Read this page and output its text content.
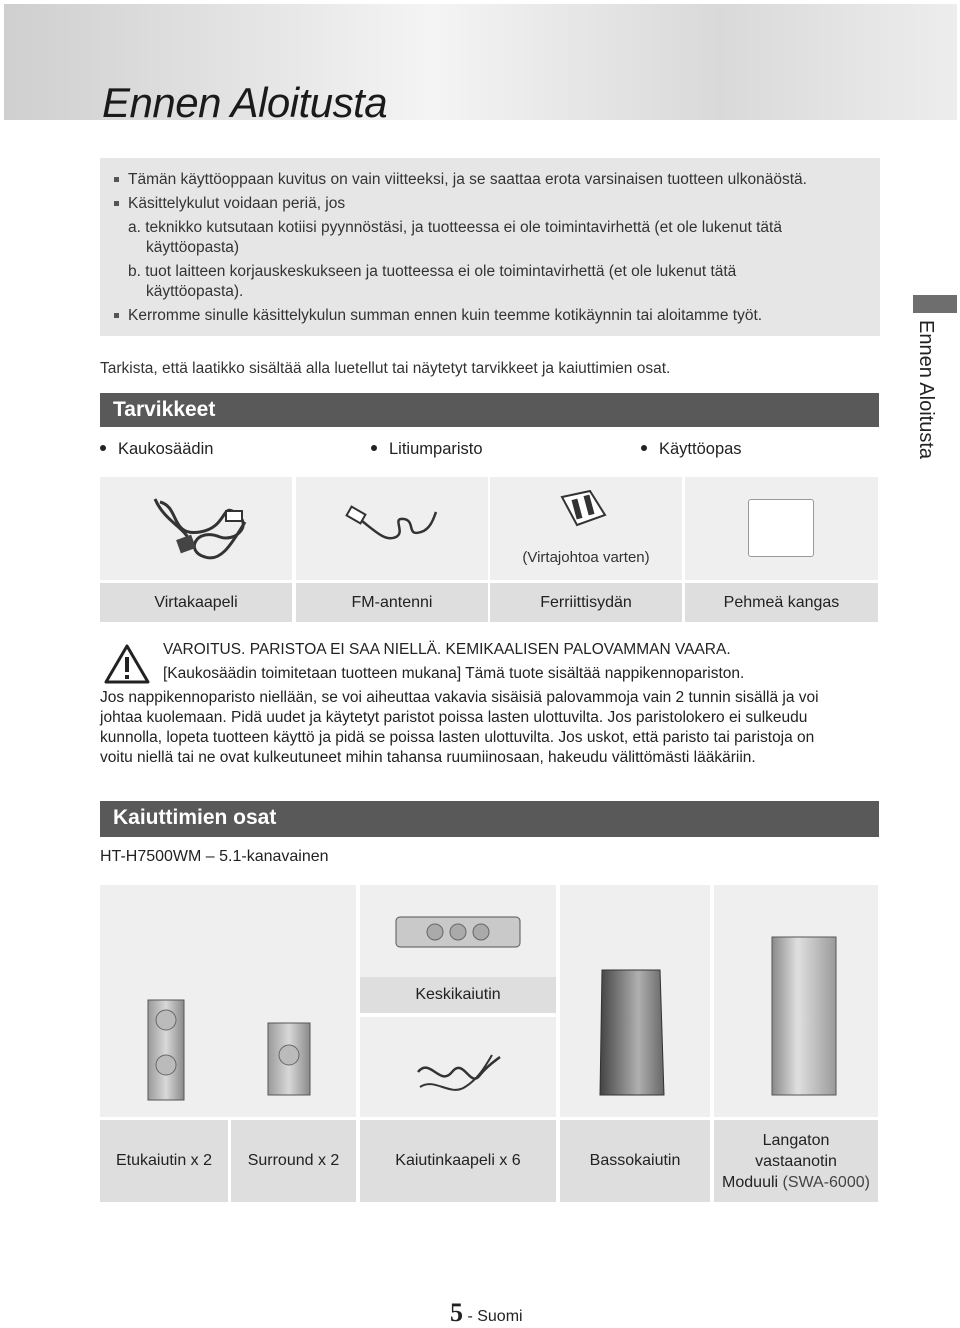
Ennen Aloitusta
Ennen Aloitusta
Tämän käyttöoppaan kuvitus on vain viitteeksi, ja se saattaa erota varsinaisen tuotteen ulkonäöstä.
Käsittelykulut voidaan periä, jos
a. teknikko kutsutaan kotiisi pyynnöstäsi, ja tuotteessa ei ole toimintavirhettä (et ole lukenut tätä
käyttöopasta)
b. tuot laitteen korjauskeskukseen ja tuotteessa ei ole toimintavirhettä (et ole lukenut tätä
käyttöopasta).
Kerromme sinulle käsittelykulun summan ennen kuin teemme kotikäynnin tai aloitamme työt.
Tarkista, että laatikko sisältää alla luetellut tai näytetyt tarvikkeet ja kaiuttimien osat.
Tarvikkeet
Kaukosäädin	Litiumparisto	Käyttöopas
(Virtajohtoa varten)
Virtakaapeli	FM-antenni	Ferriittisydän	Pehmeä kangas
VAROITUS. PARISTOA EI SAA NIELLÄ. KEMIKAALISEN PALOVAMMAN VAARA.
[Kaukosäädin toimitetaan tuotteen mukana] Tämä tuote sisältää nappikennopariston.
Jos nappikennoparisto niellään, se voi aiheuttaa vakavia sisäisiä palovammoja vain 2 tunnin sisällä ja voi
johtaa kuolemaan. Pidä uudet ja käytetyt paristot poissa lasten ulottuvilta. Jos paristolokero ei sulkeudu
kunnolla, lopeta tuotteen käyttö ja pidä se poissa lasten ulottuvilta. Jos uskot, että paristo tai paristoja on
voitu niellä tai ne ovat kulkeutuneet mihin tahansa ruumiinosaan, hakeudu välittömästi lääkäriin.
Kaiuttimien osat
HT-H7500WM – 5.1-kanavainen
Keskikaiutin
Etukaiutin x 2	Surround x 2	Kaiutinkaapeli x 6	Bassokaiutin
Langaton
vastaanotin
Moduuli (SWA-6000)
5 - Suomi
